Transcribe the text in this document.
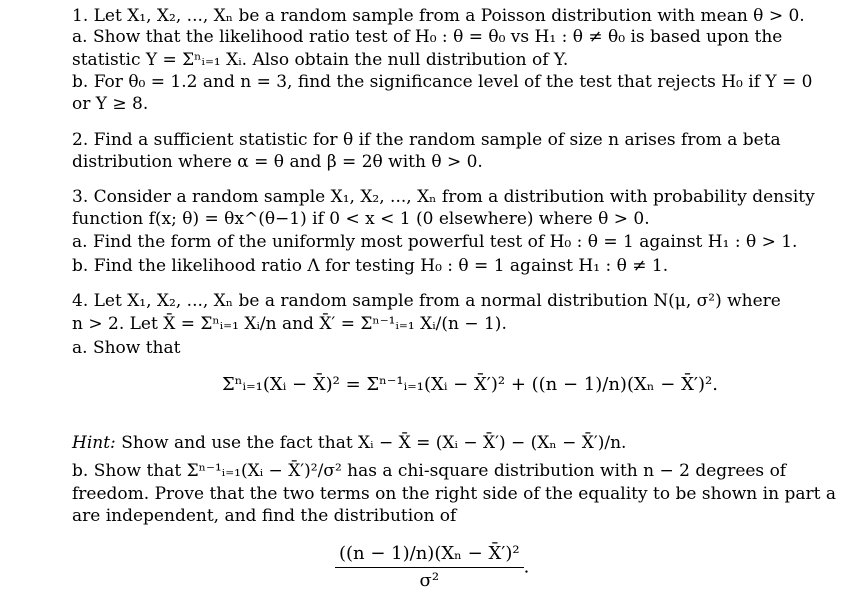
1. Let X₁, X₂, ..., Xₙ be a random sample from a Poisson distribution with mean θ > 0.
a. Show that the likelihood ratio test of H₀ : θ = θ₀ vs H₁ : θ ≠ θ₀ is based upon the
statistic Y = Σⁿᵢ₌₁ Xᵢ. Also obtain the null distribution of Y.
b. For θ₀ = 1.2 and n = 3, find the significance level of the test that rejects H₀ if Y = 0
or Y ≥ 8.
2. Find a sufficient statistic for θ if the random sample of size n arises from a beta
distribution where α = θ and β = 2θ with θ > 0.
3. Consider a random sample X₁, X₂, ..., Xₙ from a distribution with probability density
function f(x; θ) = θx^(θ−1) if 0 < x < 1 (0 elsewhere) where θ > 0.
a. Find the form of the uniformly most powerful test of H₀ : θ = 1 against H₁ : θ > 1.
b. Find the likelihood ratio Λ for testing H₀ : θ = 1 against H₁ : θ ≠ 1.
4. Let X₁, X₂, ..., Xₙ be a random sample from a normal distribution N(μ, σ²) where
n > 2. Let X̄ = Σⁿᵢ₌₁ Xᵢ/n and X̄′ = Σⁿ⁻¹ᵢ₌₁ Xᵢ/(n − 1).
a. Show that
Σⁿᵢ₌₁(Xᵢ − X̄)² = Σⁿ⁻¹ᵢ₌₁(Xᵢ − X̄′)² + ((n − 1)/n)(Xₙ − X̄′)².
Hint: Show and use the fact that Xᵢ − X̄ = (Xᵢ − X̄′) − (Xₙ − X̄′)/n.
b. Show that Σⁿ⁻¹ᵢ₌₁(Xᵢ − X̄′)²/σ² has a chi-square distribution with n − 2 degrees of
freedom. Prove that the two terms on the right side of the equality to be shown in part a
are independent, and find the distribution of
$\frac{\text{((n − 1)/n)(Xₙ − X̄′)²}}{\text{σ²}}$ .
